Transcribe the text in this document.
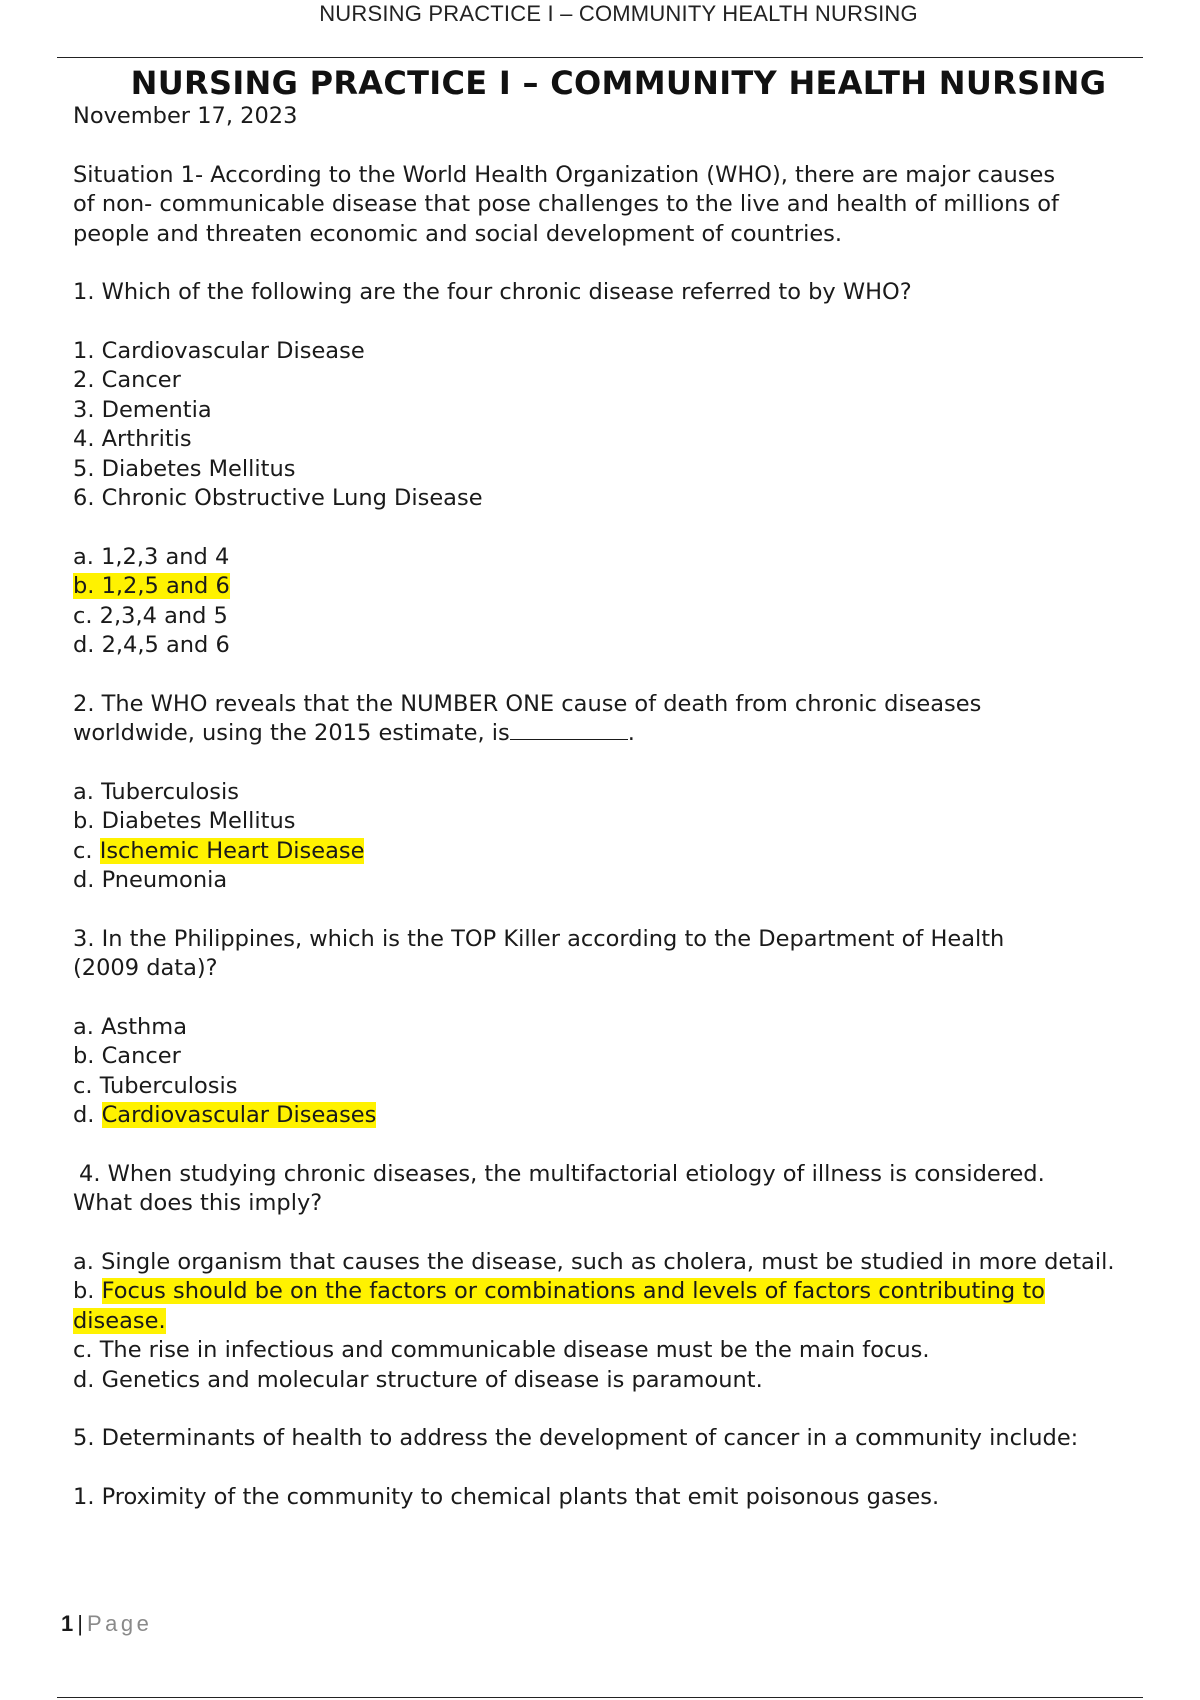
NURSING PRACTICE I – COMMUNITY HEALTH NURSING
NURSING PRACTICE I – COMMUNITY HEALTH NURSING
November 17, 2023
Situation 1- According to the World Health Organization (WHO), there are major causes
of non- communicable disease that pose challenges to the live and health of millions of
people and threaten economic and social development of countries.
1. Which of the following are the four chronic disease referred to by WHO?
1. Cardiovascular Disease
2. Cancer
3. Dementia
4. Arthritis
5. Diabetes Mellitus
6. Chronic Obstructive Lung Disease
a. 1,2,3 and 4
b. 1,2,5 and 6
c. 2,3,4 and 5
d. 2,4,5 and 6
2. The WHO reveals that the NUMBER ONE cause of death from chronic diseases
worldwide, using the 2015 estimate, is	.
a. Tuberculosis
b. Diabetes Mellitus
c. Ischemic Heart Disease
d. Pneumonia
3. In the Philippines, which is the TOP Killer according to the Department of Health
(2009 data)?
a. Asthma
b. Cancer
c. Tuberculosis
d. Cardiovascular Diseases
4. When studying chronic diseases, the multifactorial etiology of illness is considered.
What does this imply?
a. Single organism that causes the disease, such as cholera, must be studied in more detail.
b. Focus should be on the factors or combinations and levels of factors contributing to disease.
c. The rise in infectious and communicable disease must be the main focus.
d. Genetics and molecular structure of disease is paramount.
5. Determinants of health to address the development of cancer in a community include:
1. Proximity of the community to chemical plants that emit poisonous gases.
1 | Page
